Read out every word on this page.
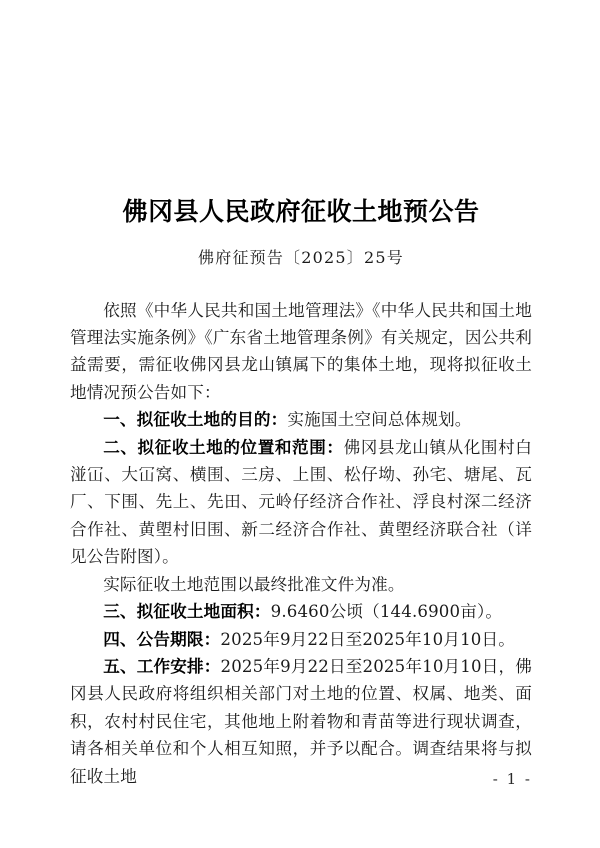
佛冈县人民政府征收土地预公告
佛府征预告〔2025〕25号

依照《中华人民共和国土地管理法》《中华人民共和国土地管理法实施条例》《广东省土地管理条例》有关规定，因公共利益需要，需征收佛冈县龙山镇属下的集体土地，现将拟征收土地情况预公告如下：

一、拟征收土地的目的：实施国土空间总体规划。

二、拟征收土地的位置和范围：佛冈县龙山镇从化围村白湴冚、大冚窝、横围、三房、上围、松仔坳、孙宅、塘尾、瓦厂、下围、先上、先田、元岭仔经济合作社、浮良村深二经济合作社、黄塱村旧围、新二经济合作社、黄塱经济联合社（详见公告附图）。

实际征收土地范围以最终批准文件为准。

三、拟征收土地面积：9.6460公顷（144.6900亩）。

四、公告期限：2025年9月22日至2025年10月10日。

五、工作安排：2025年9月22日至2025年10月10日，佛冈县人民政府将组织相关部门对土地的位置、权属、地类、面积，农村村民住宅，其他地上附着物和青苗等进行现状调查，请各相关单位和个人相互知照，并予以配合。调查结果将与拟征收土地	- 1 -
